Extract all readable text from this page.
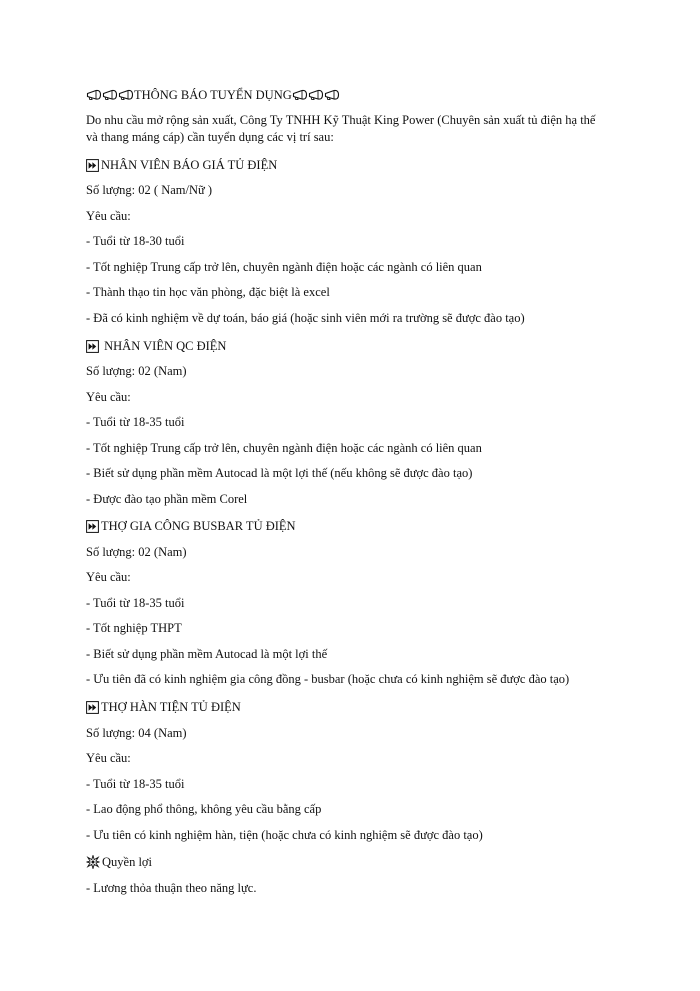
THÔNG BÁO TUYỂN DỤNG
Do nhu cầu mở rộng sản xuất, Công Ty TNHH Kỹ Thuật King Power (Chuyên sản xuất tủ điện hạ thế
và thang máng cáp) cần tuyển dụng các vị trí sau:
NHÂN VIÊN BÁO GIÁ TỦ ĐIỆN
Số lượng: 02 ( Nam/Nữ )
Yêu cầu:
- Tuổi từ 18-30 tuổi
- Tốt nghiệp Trung cấp trở lên, chuyên ngành điện hoặc các ngành có liên quan
- Thành thạo tin học văn phòng, đặc biệt là excel
- Đã có kinh nghiệm về dự toán, báo giá (hoặc sinh viên mới ra trường sẽ được đào tạo)
NHÂN VIÊN QC ĐIỆN
Số lượng: 02 (Nam)
Yêu cầu:
- Tuổi từ 18-35 tuổi
- Tốt nghiệp Trung cấp trở lên, chuyên ngành điện hoặc các ngành có liên quan
- Biết sử dụng phần mềm Autocad là một lợi thế (nếu không sẽ được đào tạo)
- Được đào tạo phần mềm Corel
THỢ GIA CÔNG BUSBAR TỦ ĐIỆN
Số lượng: 02 (Nam)
Yêu cầu:
- Tuổi từ 18-35 tuổi
- Tốt nghiệp THPT
- Biết sử dụng phần mềm Autocad là một lợi thế
- Ưu tiên đã có kinh nghiệm gia công đồng - busbar (hoặc chưa có kinh nghiệm sẽ được đào tạo)
THỢ HÀN TIỆN TỦ ĐIỆN
Số lượng: 04 (Nam)
Yêu cầu:
- Tuổi từ 18-35 tuổi
- Lao động phổ thông, không yêu cầu bằng cấp
- Ưu tiên có kinh nghiệm hàn, tiện (hoặc chưa có kinh nghiệm sẽ được đào tạo)
Quyền lợi
- Lương thỏa thuận theo năng lực.
